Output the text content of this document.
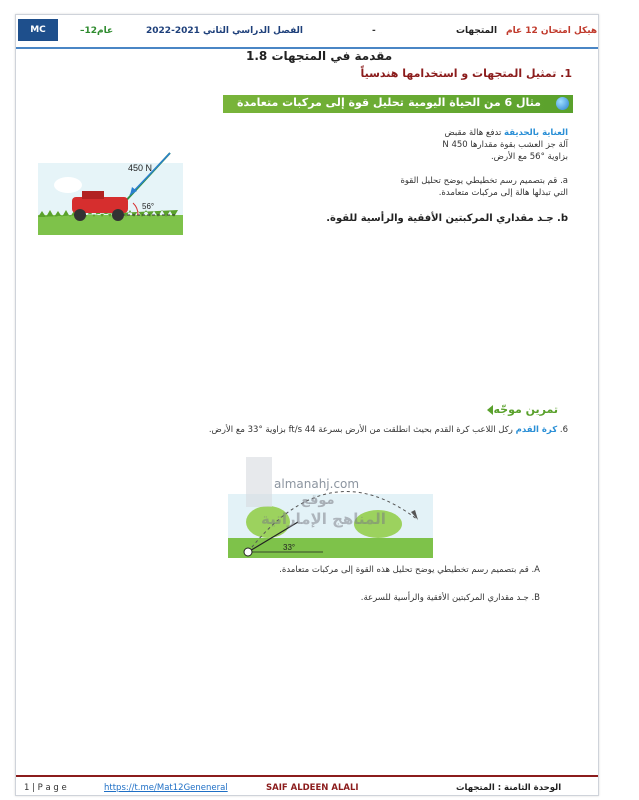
MC	–12عام	الفصل الدراسي الثاني 2021-2022	-	المتجهات هيكل امتحان 12 عام
1.8 مقدمة في المتجهات
1. تمثيل المتجهات و استخدامها هندسياً
مثال 6 من الحياة اليومية
تحليل قوة إلى مركبات متعامدة
العناية بالحديقة تدفع هالة مقبض
آلة جز العشب بقوة مقدارها 450 N
بزاوية °56 مع الأرض.
a. قم بتصميم رسم تخطيطي يوضح تحليل القوة
التي تبذلها هالة إلى مركبات متعامدة.
b. جـد مقداري المركبتين الأفقية والرأسية للقوة.
450 N
56°
تمرين موجّه
6. كرة القدم ركل اللاعب كرة القدم بحيث انطلقت من الأرض بسرعة 44 ft/s بزاوية °33 مع الأرض.
33°
almanahj.com
موقع
المناهج الإماراتية
A. قم بتصميم رسم تخطيطي يوضح تحليل هذه القوة إلى مركبات متعامدة.
B. جـد مقداري المركبتين الأفقية والرأسية للسرعة.
1 | P a g e	https://t.me/Mat12Geneneral	SAIF ALDEEN ALALI	الوحدة الثامنة : المتجهات
